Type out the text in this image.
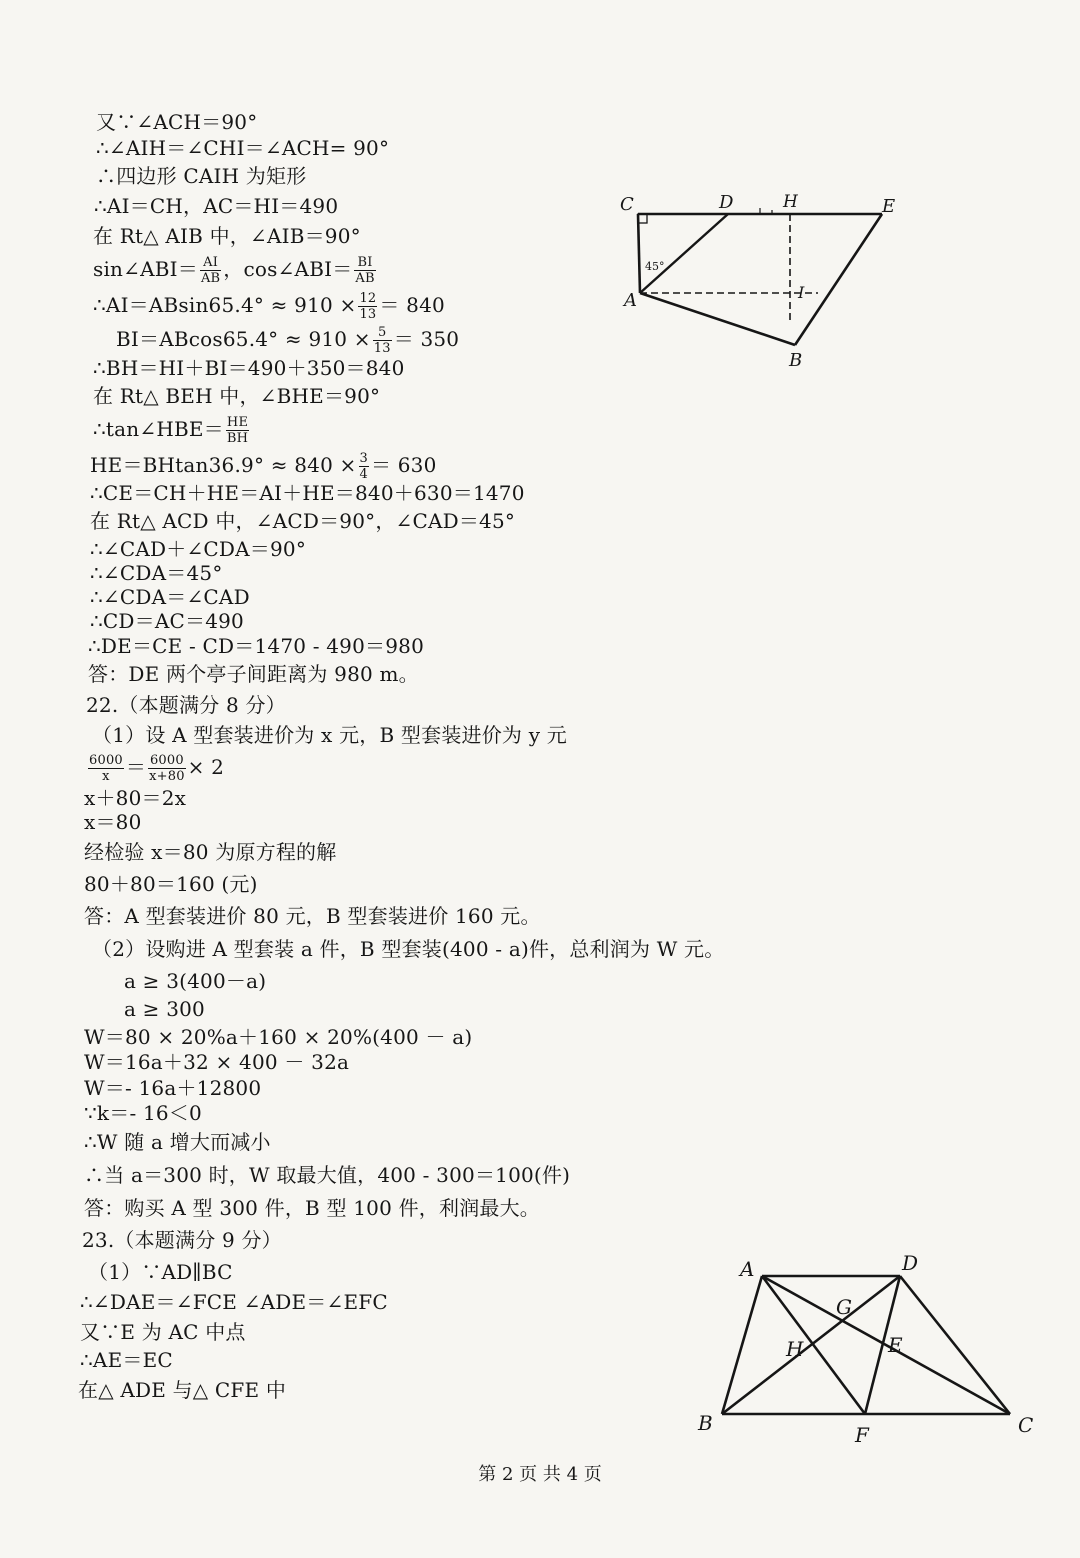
又∵∠ACH＝90°
∴∠AIH＝∠CHI＝∠ACH= 90°
∴四边形 CAIH 为矩形
∴AI＝CH，AC＝HI＝490
在 Rt△ AIB 中，∠AIB＝90°
sin∠ABI＝ $\frac{AI}{AB}$ ，cos∠ABI＝ $\frac{BI}{AB}$
∴AI＝ABsin65.4° ≈ $910 \times \frac{12}{13} = 840$
$BI=ABcos65.4^\circ \approx 910 \times \frac{5}{13} = 350$
∴BH＝HI＋BI＝490＋350＝840
在 Rt△ BEH 中，∠BHE＝90°
∴tan∠HBE＝ $\frac{HE}{BH}$
$HE=BHtan36.9^\circ \approx 840 \times \frac{3}{4} = 630$
∴CE＝CH＋HE＝AI＋HE＝840＋630＝1470
在 Rt△ ACD 中，∠ACD＝90°，∠CAD＝45°
∴∠CAD＋∠CDA＝90°
∴∠CDA＝45°
∴∠CDA＝∠CAD
∴CD＝AC＝490
∴DE＝CE - CD＝1470 - 490＝980
答：DE 两个亭子间距离为 980 m。
22.（本题满分 8 分）
（1）设 A 型套装进价为 x 元，B 型套装进价为 y 元
$\frac{6000}{x} = \frac{6000}{x+80} \times 2$
x＋80＝2x
x＝80
经检验 x＝80 为原方程的解
80＋80＝160 (元)
答：A 型套装进价 80 元，B 型套装进价 160 元。
（2）设购进 A 型套装 a 件，B 型套装(400 - a)件，总利润为 W 元。
a ≥ 3(400－a)
a ≥ 300
W＝80 × 20%a＋160 × 20%(400 － a)
W＝16a＋32 × 400 － 32a
W＝- 16a＋12800
∵k＝- 16＜0
∴W 随 a 增大而减小
∴当 a＝300 时，W 取最大值，400 - 300＝100(件)
答：购买 A 型 300 件，B 型 100 件，利润最大。
23.（本题满分 9 分）
（1）∵AD∥BC
∴∠DAE＝∠FCE ∠ADE＝∠EFC
又∵E 为 AC 中点
∴AE＝EC
在△ ADE 与△ CFE 中
C	D	H	E
A	I
B
45°
A	D
G
H	E
B	F	C
第 2 页 共 4 页
